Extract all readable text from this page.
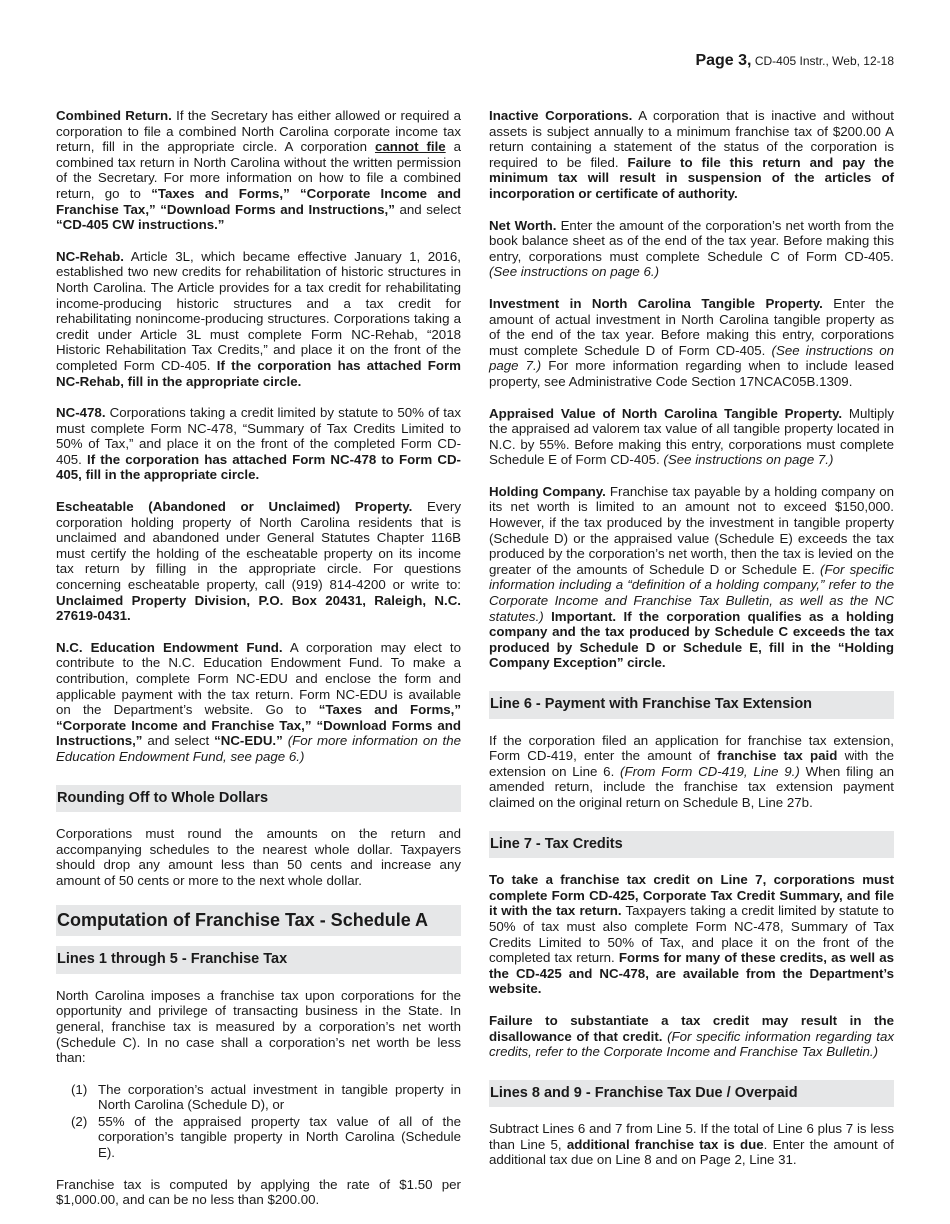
Page 3, CD-405 Instr., Web, 12-18

Combined Return. If the Secretary has either allowed or required a corporation to file a combined North Carolina corporate income tax return, fill in the appropriate circle. A corporation cannot file a combined tax return in North Carolina without the written permission of the Secretary. For more information on how to file a combined return, go to “Taxes and Forms,” “Corporate Income and Franchise Tax,” “Download Forms and Instructions,” and select “CD-405 CW instructions.”

NC-Rehab. Article 3L, which became effective January 1, 2016, established two new credits for rehabilitation of historic structures in North Carolina. The Article provides for a tax credit for rehabilitating income-producing historic structures and a tax credit for rehabilitating nonincome-producing structures. Corporations taking a credit under Article 3L must complete Form NC-Rehab, “2018 Historic Rehabilitation Tax Credits,” and place it on the front of the completed Form CD-405. If the corporation has attached Form NC-Rehab, fill in the appropriate circle.

NC-478. Corporations taking a credit limited by statute to 50% of tax must complete Form NC-478, “Summary of Tax Credits Limited to 50% of Tax,” and place it on the front of the completed Form CD-405. If the corporation has attached Form NC-478 to Form CD-405, fill in the appropriate circle.

Escheatable (Abandoned or Unclaimed) Property. Every corporation holding property of North Carolina residents that is unclaimed and abandoned under General Statutes Chapter 116B must certify the holding of the escheatable property on its income tax return by filling in the appropriate circle. For questions concerning escheatable property, call (919) 814-4200 or write to: Unclaimed Property Division, P.O. Box 20431, Raleigh, N.C. 27619-0431.

N.C. Education Endowment Fund. A corporation may elect to contribute to the N.C. Education Endowment Fund. To make a contribution, complete Form NC-EDU and enclose the form and applicable payment with the tax return. Form NC-EDU is available on the Department’s website. Go to “Taxes and Forms,” “Corporate Income and Franchise Tax,” “Download Forms and Instructions,” and select “NC-EDU.” (For more information on the Education Endowment Fund, see page 6.)

Rounding Off to Whole Dollars

Corporations must round the amounts on the return and accompanying schedules to the nearest whole dollar. Taxpayers should drop any amount less than 50 cents and increase any amount of 50 cents or more to the next whole dollar.

Computation of Franchise Tax - Schedule A
Lines 1 through 5 - Franchise Tax

North Carolina imposes a franchise tax upon corporations for the opportunity and privilege of transacting business in the State. In general, franchise tax is measured by a corporation’s net worth (Schedule C). In no case shall a corporation’s net worth be less than:

(1) The corporation’s actual investment in tangible property in North Carolina (Schedule D), or
(2) 55% of the appraised property tax value of all of the corporation’s tangible property in North Carolina (Schedule E).

Franchise tax is computed by applying the rate of $1.50 per $1,000.00, and can be no less than $200.00.

Inactive Corporations. A corporation that is inactive and without assets is subject annually to a minimum franchise tax of $200.00 A return containing a statement of the status of the corporation is required to be filed. Failure to file this return and pay the minimum tax will result in suspension of the articles of incorporation or certificate of authority.

Net Worth. Enter the amount of the corporation’s net worth from the book balance sheet as of the end of the tax year. Before making this entry, corporations must complete Schedule C of Form CD-405. (See instructions on page 6.)

Investment in North Carolina Tangible Property. Enter the amount of actual investment in North Carolina tangible property as of the end of the tax year. Before making this entry, corporations must complete Schedule D of Form CD-405. (See instructions on page 7.) For more information regarding when to include leased property, see Administrative Code Section 17NCAC05B.1309.

Appraised Value of North Carolina Tangible Property. Multiply the appraised ad valorem tax value of all tangible property located in N.C. by 55%. Before making this entry, corporations must complete Schedule E of Form CD-405. (See instructions on page 7.)

Holding Company. Franchise tax payable by a holding company on its net worth is limited to an amount not to exceed $150,000. However, if the tax produced by the investment in tangible property (Schedule D) or the appraised value (Schedule E) exceeds the tax produced by the corporation’s net worth, then the tax is levied on the greater of the amounts of Schedule D or Schedule E. (For specific information including a “definition of a holding company,” refer to the Corporate Income and Franchise Tax Bulletin, as well as the NC statutes.) Important. If the corporation qualifies as a holding company and the tax produced by Schedule C exceeds the tax produced by Schedule D or Schedule E, fill in the “Holding Company Exception” circle.

Line 6 - Payment with Franchise Tax Extension

If the corporation filed an application for franchise tax extension, Form CD-419, enter the amount of franchise tax paid with the extension on Line 6. (From Form CD-419, Line 9.) When filing an amended return, include the franchise tax extension payment claimed on the original return on Schedule B, Line 27b.

Line 7 - Tax Credits

To take a franchise tax credit on Line 7, corporations must complete Form CD-425, Corporate Tax Credit Summary, and file it with the tax return. Taxpayers taking a credit limited by statute to 50% of tax must also complete Form NC-478, Summary of Tax Credits Limited to 50% of Tax, and place it on the front of the completed tax return. Forms for many of these credits, as well as the CD-425 and NC-478, are available from the Department’s website.

Failure to substantiate a tax credit may result in the disallowance of that credit. (For specific information regarding tax credits, refer to the Corporate Income and Franchise Tax Bulletin.)

Lines 8 and 9 - Franchise Tax Due / Overpaid

Subtract Lines 6 and 7 from Line 5. If the total of Line 6 plus 7 is less than Line 5, additional franchise tax is due. Enter the amount of additional tax due on Line 8 and on Page 2, Line 31.
